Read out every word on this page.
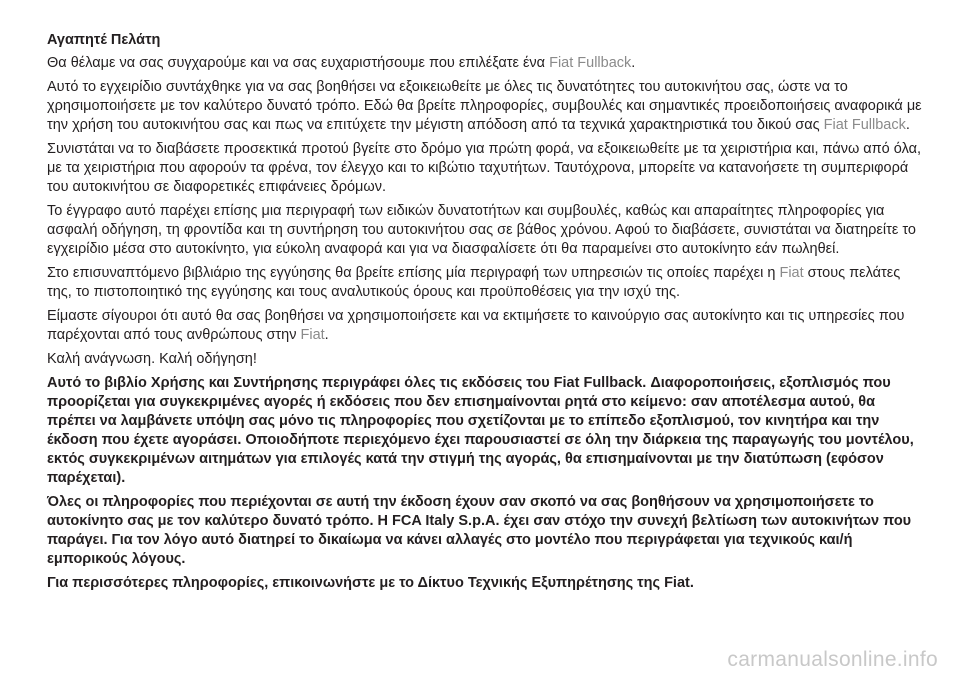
Αγαπητέ Πελάτη

Θα θέλαμε να σας συγχαρούμε και να σας ευχαριστήσουμε που επιλέξατε ένα Fiat Fullback.

Αυτό το εγχειρίδιο συντάχθηκε για να σας βοηθήσει να εξοικειωθείτε με όλες τις δυνατότητες του αυτοκινήτου σας, ώστε να το χρησιμοποιήσετε με τον καλύτερο δυνατό τρόπο. Εδώ θα βρείτε πληροφορίες, συμβουλές και σημαντικές προειδοποιήσεις αναφορικά με την χρήση του αυτοκινήτου σας και πως να επιτύχετε την μέγιστη απόδοση από τα τεχνικά χαρακτηριστικά του δικού σας Fiat Fullback.

Συνιστάται να το διαβάσετε προσεκτικά προτού βγείτε στο δρόμο για πρώτη φορά, να εξοικειωθείτε με τα χειριστήρια και, πάνω από όλα, με τα χειριστήρια που αφορούν τα φρένα, τον έλεγχο και το κιβώτιο ταχυτήτων. Ταυτόχρονα, μπορείτε να κατανοήσετε τη συμπεριφορά του αυτοκινήτου σε διαφορετικές επιφάνειες δρόμων.

Το έγγραφο αυτό παρέχει επίσης μια περιγραφή των ειδικών δυνατοτήτων και συμβουλές, καθώς και απαραίτητες πληροφορίες για ασφαλή οδήγηση, τη φροντίδα και τη συντήρηση του αυτοκινήτου σας σε βάθος χρόνου. Αφού το διαβάσετε, συνιστάται να διατηρείτε το εγχειρίδιο μέσα στο αυτοκίνητο, για εύκολη αναφορά και για να διασφαλίσετε ότι θα παραμείνει στο αυτοκίνητο εάν πωληθεί.

Στο επισυναπτόμενο βιβλιάριο της εγγύησης θα βρείτε επίσης μία περιγραφή των υπηρεσιών τις οποίες παρέχει η Fiat στους πελάτες της, το πιστοποιητικό της εγγύησης και τους αναλυτικούς όρους και προϋποθέσεις για την ισχύ της.

Είμαστε σίγουροι ότι αυτό θα σας βοηθήσει να χρησιμοποιήσετε και να εκτιμήσετε το καινούργιο σας αυτοκίνητο και τις υπηρεσίες που παρέχονται από τους ανθρώπους στην Fiat.

Καλή ανάγνωση. Καλή οδήγηση!

Αυτό το βιβλίο Χρήσης και Συντήρησης περιγράφει όλες τις εκδόσεις του Fiat Fullback. Διαφοροποιήσεις, εξοπλισμός που προορίζεται για συγκεκριμένες αγορές ή εκδόσεις που δεν επισημαίνονται ρητά στο κείμενο: σαν αποτέλεσμα αυτού, θα πρέπει να λαμβάνετε υπόψη σας μόνο τις πληροφορίες που σχετίζονται με το επίπεδο εξοπλισμού, τον κινητήρα και την έκδοση που έχετε αγοράσει. Οποιοδήποτε περιεχόμενο έχει παρουσιαστεί σε όλη την διάρκεια της παραγωγής του μοντέλου, εκτός συγκεκριμένων αιτημάτων για επιλογές κατά την στιγμή της αγοράς, θα επισημαίνονται με την διατύπωση (εφόσον παρέχεται).

Όλες οι πληροφορίες που περιέχονται σε αυτή την έκδοση έχουν σαν σκοπό να σας βοηθήσουν να χρησιμοποιήσετε το αυτοκίνητο σας με τον καλύτερο δυνατό τρόπο. Η FCA Italy S.p.A. έχει σαν στόχο την συνεχή βελτίωση των αυτοκινήτων που παράγει. Για τον λόγο αυτό διατηρεί το δικαίωμα να κάνει αλλαγές στο μοντέλο που περιγράφεται για τεχνικούς και/ή εμπορικούς λόγους.

Για περισσότερες πληροφορίες, επικοινωνήστε με το Δίκτυο Τεχνικής Εξυπηρέτησης της Fiat.

carmanualsonline.info
